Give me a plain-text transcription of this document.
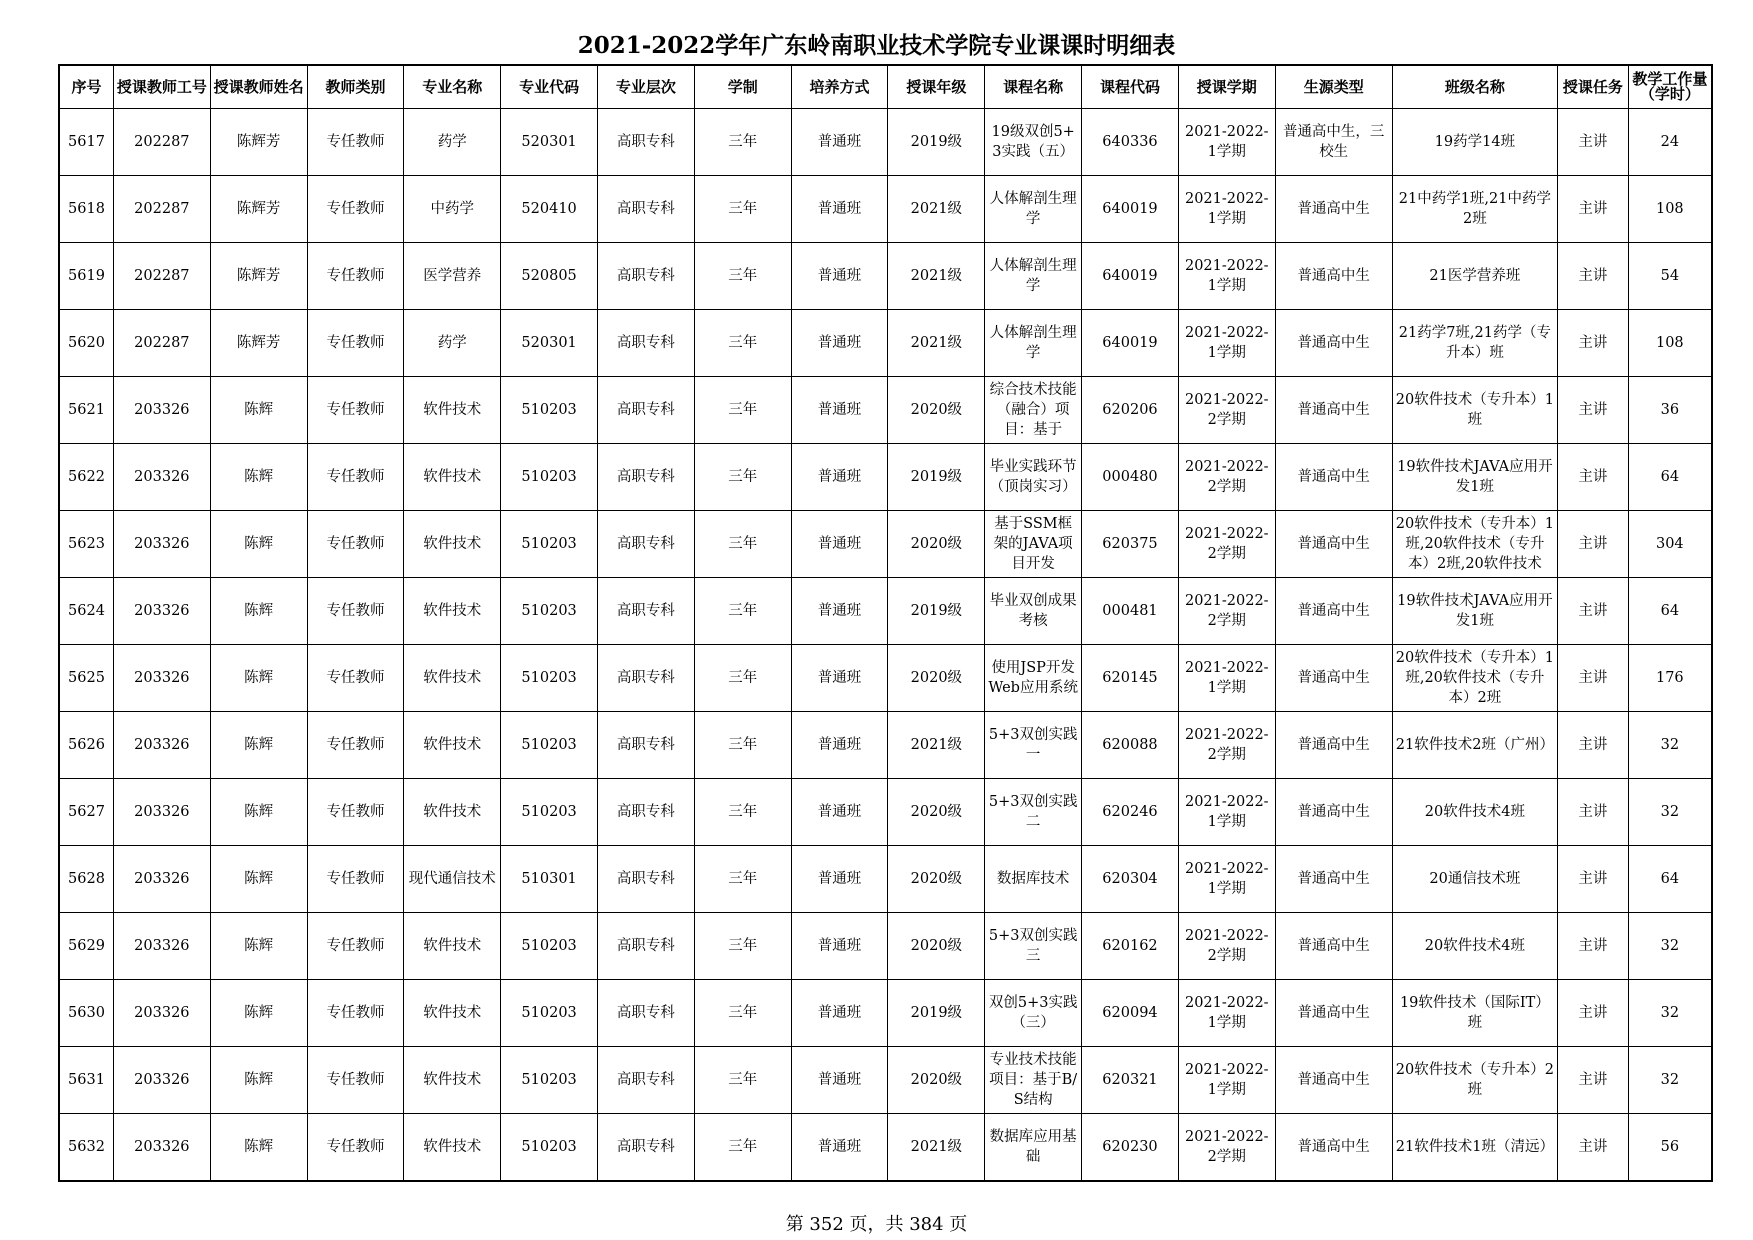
2021-2022学年广东岭南职业技术学院专业课课时明细表
序号	授课教师工号	授课教师姓名	教师类别	专业名称	专业代码	专业层次	学制	培养方式	授课年级	课程名称	课程代码	授课学期	生源类型	班级名称	授课任务	教学工作量（学时）
5617	202287	陈辉芳	专任教师	药学	520301	高职专科	三年	普通班	2019级	19级双创5+3实践（五）	640336	2021-2022-1学期	普通高中生，三校生	19药学14班	主讲	24
5618	202287	陈辉芳	专任教师	中药学	520410	高职专科	三年	普通班	2021级	人体解剖生理学	640019	2021-2022-1学期	普通高中生	21中药学1班,21中药学2班	主讲	108
5619	202287	陈辉芳	专任教师	医学营养	520805	高职专科	三年	普通班	2021级	人体解剖生理学	640019	2021-2022-1学期	普通高中生	21医学营养班	主讲	54
5620	202287	陈辉芳	专任教师	药学	520301	高职专科	三年	普通班	2021级	人体解剖生理学	640019	2021-2022-1学期	普通高中生	21药学7班,21药学（专升本）班	主讲	108
5621	203326	陈辉	专任教师	软件技术	510203	高职专科	三年	普通班	2020级	综合技术技能（融合）项目：基于	620206	2021-2022-2学期	普通高中生	20软件技术（专升本）1班	主讲	36
5622	203326	陈辉	专任教师	软件技术	510203	高职专科	三年	普通班	2019级	毕业实践环节（顶岗实习）	000480	2021-2022-2学期	普通高中生	19软件技术JAVA应用开发1班	主讲	64
5623	203326	陈辉	专任教师	软件技术	510203	高职专科	三年	普通班	2020级	基于SSM框架的JAVA项目开发	620375	2021-2022-2学期	普通高中生	20软件技术（专升本）1班,20软件技术（专升本）2班,20软件技术	主讲	304
5624	203326	陈辉	专任教师	软件技术	510203	高职专科	三年	普通班	2019级	毕业双创成果考核	000481	2021-2022-2学期	普通高中生	19软件技术JAVA应用开发1班	主讲	64
5625	203326	陈辉	专任教师	软件技术	510203	高职专科	三年	普通班	2020级	使用JSP开发Web应用系统	620145	2021-2022-1学期	普通高中生	20软件技术（专升本）1班,20软件技术（专升本）2班	主讲	176
5626	203326	陈辉	专任教师	软件技术	510203	高职专科	三年	普通班	2021级	5+3双创实践一	620088	2021-2022-2学期	普通高中生	21软件技术2班（广州）	主讲	32
5627	203326	陈辉	专任教师	软件技术	510203	高职专科	三年	普通班	2020级	5+3双创实践二	620246	2021-2022-1学期	普通高中生	20软件技术4班	主讲	32
5628	203326	陈辉	专任教师	现代通信技术	510301	高职专科	三年	普通班	2020级	数据库技术	620304	2021-2022-1学期	普通高中生	20通信技术班	主讲	64
5629	203326	陈辉	专任教师	软件技术	510203	高职专科	三年	普通班	2020级	5+3双创实践三	620162	2021-2022-2学期	普通高中生	20软件技术4班	主讲	32
5630	203326	陈辉	专任教师	软件技术	510203	高职专科	三年	普通班	2019级	双创5+3实践（三）	620094	2021-2022-1学期	普通高中生	19软件技术（国际IT）班	主讲	32
5631	203326	陈辉	专任教师	软件技术	510203	高职专科	三年	普通班	2020级	专业技术技能项目：基于B/S结构	620321	2021-2022-1学期	普通高中生	20软件技术（专升本）2班	主讲	32
5632	203326	陈辉	专任教师	软件技术	510203	高职专科	三年	普通班	2021级	数据库应用基础	620230	2021-2022-2学期	普通高中生	21软件技术1班（清远）	主讲	56
第 352 页，共 384 页
